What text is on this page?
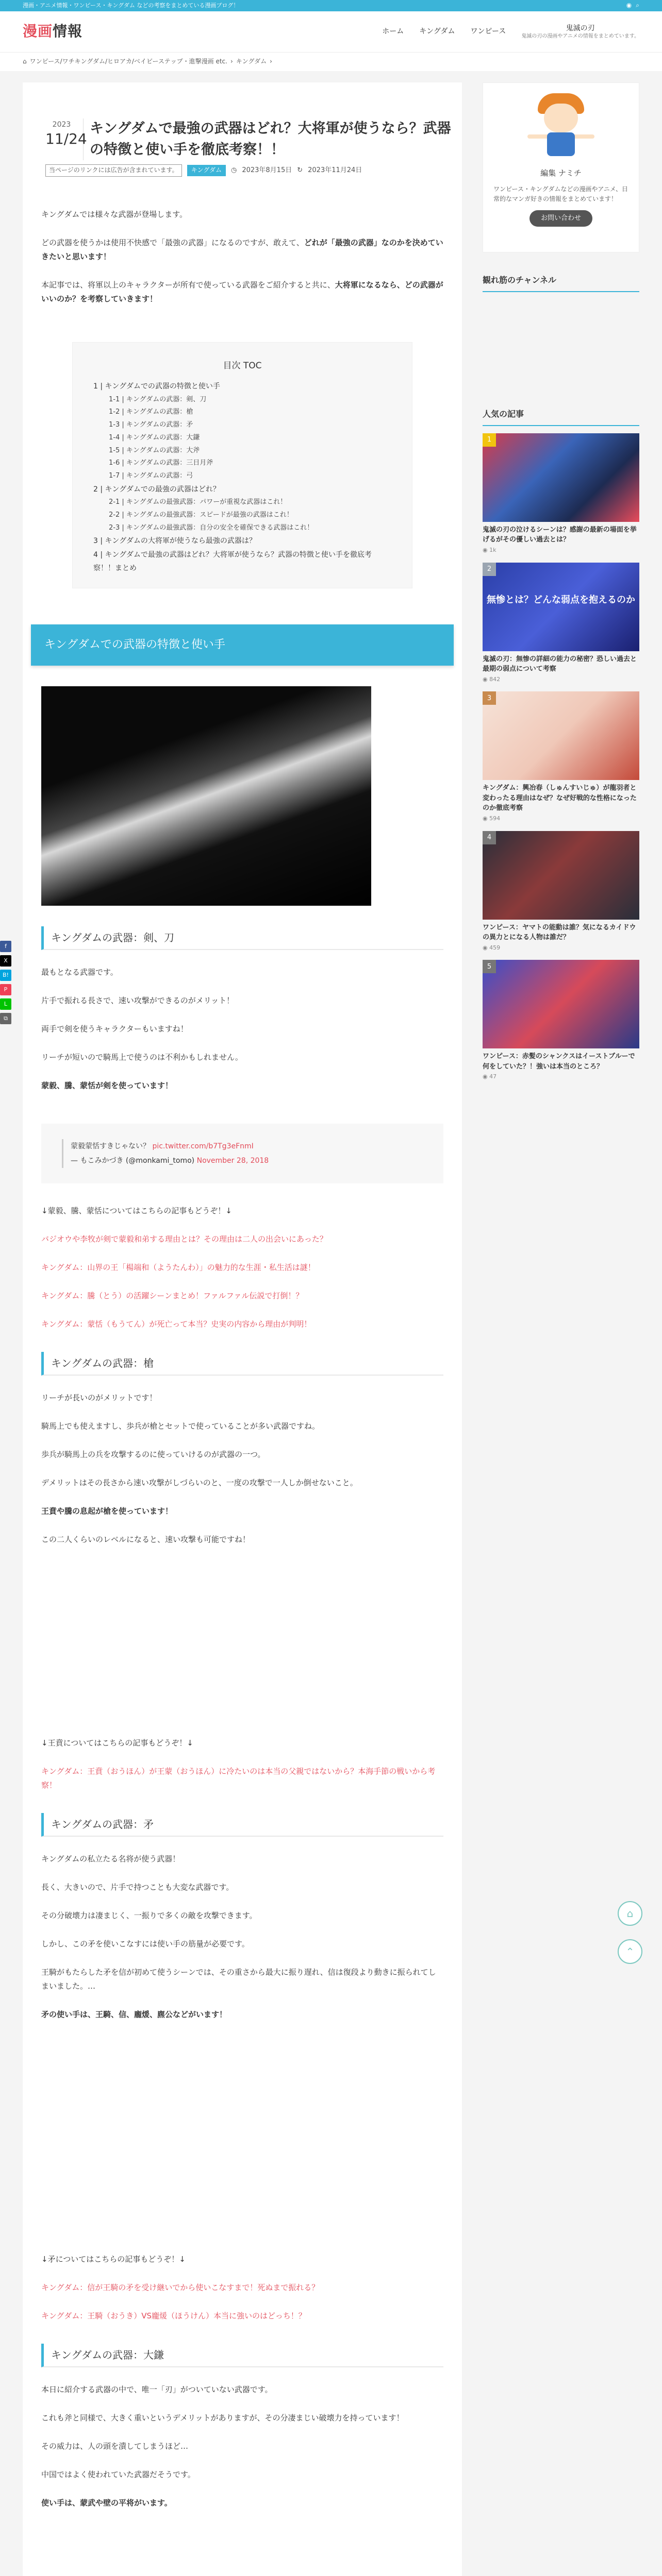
漫画・アニメ情報・ワンピース・キングダム などの考察をまとめている漫画ブログ！	◉ ⌕
漫画情報	ホーム キングダム ワンピース	鬼滅の刃
鬼滅の刃の漫画やアニメの情報をまとめています。
⌂ ワンピース/ワチキングダム/ヒロアカ/ベイビーステップ・進撃漫画 etc. › キングダム ›
f
X
B!
P
L
⧉
⌂
⌃
2023
11/24
キングダムで最強の武器はどれ？大将軍が使うなら？武器の特徴と使い手を徹底考察！！
当ページのリンクには広告が含まれています。	キングダム	◷ 2023年8月15日 ↻ 2023年11月24日

キングダムでは様々な武器が登場します。

どの武器を使うかは使用不快感で「最強の武器」になるのですが、敢えて、どれが「最強の武器」なのかを決めていきたいと思います！

本記事では、将軍以上のキャラクターが所有で使っている武器をご紹介すると共に、大将軍になるなら、どの武器がいいのか？を考察していきます！

目次 TOC
1 | キングダムでの武器の特徴と使い手
1-1 | キングダムの武器：剣、刀
1-2 | キングダムの武器：槍
1-3 | キングダムの武器：矛
1-4 | キングダムの武器：大鎌
1-5 | キングダムの武器：大斧
1-6 | キングダムの武器：三日月斧
1-7 | キングダムの武器：弓
2 | キングダムでの最強の武器はどれ？
2-1 | キングダムの最強武器：パワーが重視な武器はこれ！
2-2 | キングダムの最強武器：スピードが最強の武器はこれ！
2-3 | キングダムの最強武器：自分の安全を確保できる武器はこれ！
3 | キングダムの大将軍が使うなら最強の武器は？
4 | キングダムで最強の武器はどれ？大将軍が使うなら？武器の特徴と使い手を徹底考察！！まとめ
キングダムでの武器の特徴と使い手
キングダムの武器：剣、刀

最もとなる武器です。

片手で振れる長さで、速い攻撃ができるのがメリット！

両手で剣を使うキャラクターもいますね！

リーチが短いので騎馬上で使うのは不利かもしれません。

蒙毅、騰、蒙恬が剣を使っています！

蒙毅蒙恬すきじゃない？ pic.twitter.com/b7Tg3eFnmI
— もこみかづき (@monkami_tomo) November 28, 2018

↓蒙毅、騰、蒙恬についてはこちらの記事もどうぞ！↓

バジオウや李牧が剣で蒙毅和弟する理由とは？その理由は二人の出会いにあった？

キングダム：山界の王「楊端和（ようたんわ）」の魅力的な生涯・私生活は謎！

キングダム：騰（とう）の活躍シーンまとめ！ファルファル伝説で打倒！？

キングダム：蒙恬（もうてん）が死亡って本当？史実の内容から理由が判明！

キングダムの武器：槍

リーチが長いのがメリットです！

騎馬上でも使えますし、歩兵が槍とセットで使っていることが多い武器ですね。

歩兵が騎馬上の兵を攻撃するのに使っていけるのが武器の一つ。

デメリットはその長さから速い攻撃がしづらいのと、一度の攻撃で一人しか倒せないこと。

王賁や騰の息起が槍を使っています！

この二人くらいのレベルになると、速い攻撃も可能ですね！

↓王賁についてはこちらの記事もどうぞ！↓

キングダム：王賁（おうほん）が王蒙（おうほん）に冷たいのは本当の父親ではないから？本海手節の戦いから考察！

キングダムの武器：矛

キングダムの私立たる名将が使う武器！

長く、大きいので、片手で持つことも大変な武器です。

その分破壊力は凄まじく、一振りで多くの敵を攻撃できます。

しかし、この矛を使いこなすには使い手の筋量が必要です。

王騎がもたらした矛を信が初めて使うシーンでは、その重さから最大に振り遅れ、信は復段より動きに振られてしまいました。…

矛の使い手は、王騎、信、龐煖、麃公などがいます！

↓矛についてはこちらの記事もどうぞ！↓

キングダム：信が王騎の矛を受け継いでから使いこなすまで！死ぬまで振れる？

キングダム：王騎（おうき）VS龐煖（ほうけん）本当に強いのはどっち！？

キングダムの武器：大鎌

本日に紹介する武器の中で、唯一「刃」がついていない武器です。

これも斧と同様で、大きく重いというデメリットがありますが、その分凄まじい破壊力を持っています！

その威力は、人の頭を潰してしまうほど…

中国ではよく使われていた武器だそうです。

使い手は、蒙武や壁の平将がいます。

編集 ナミチ
ワンピース・キングダムなどの漫画やアニメ、日常的なマンガ好きの情報をまとめています！
お問い合わせ
観れ筋のチャンネル
人気の記事
1
鬼滅の刃の泣けるシーンは？感謝の最新の場面を挙げるがその優しい過去とは？
◉ 1k
2
無惨とは？どんな弱点を抱えるのか
鬼滅の刃：無惨の詳細の能力の秘密？恐しい過去と最期の弱点について考察
◉ 842
3
キングダム：興冶春（しゅんすいじゅ）が龍羽者と変わったる理由はなぜ？なぜ好戦的な性格になったのか徹底考察
◉ 594
4
ワンピース：ヤマトの能動は誰？気になるカイドウの異力とになる人物は誰だ？
◉ 459
5
ワンピース：赤髪のシャンクスはイーストブルーで何をしていた？！強いは本当のところ？
◉ 47
